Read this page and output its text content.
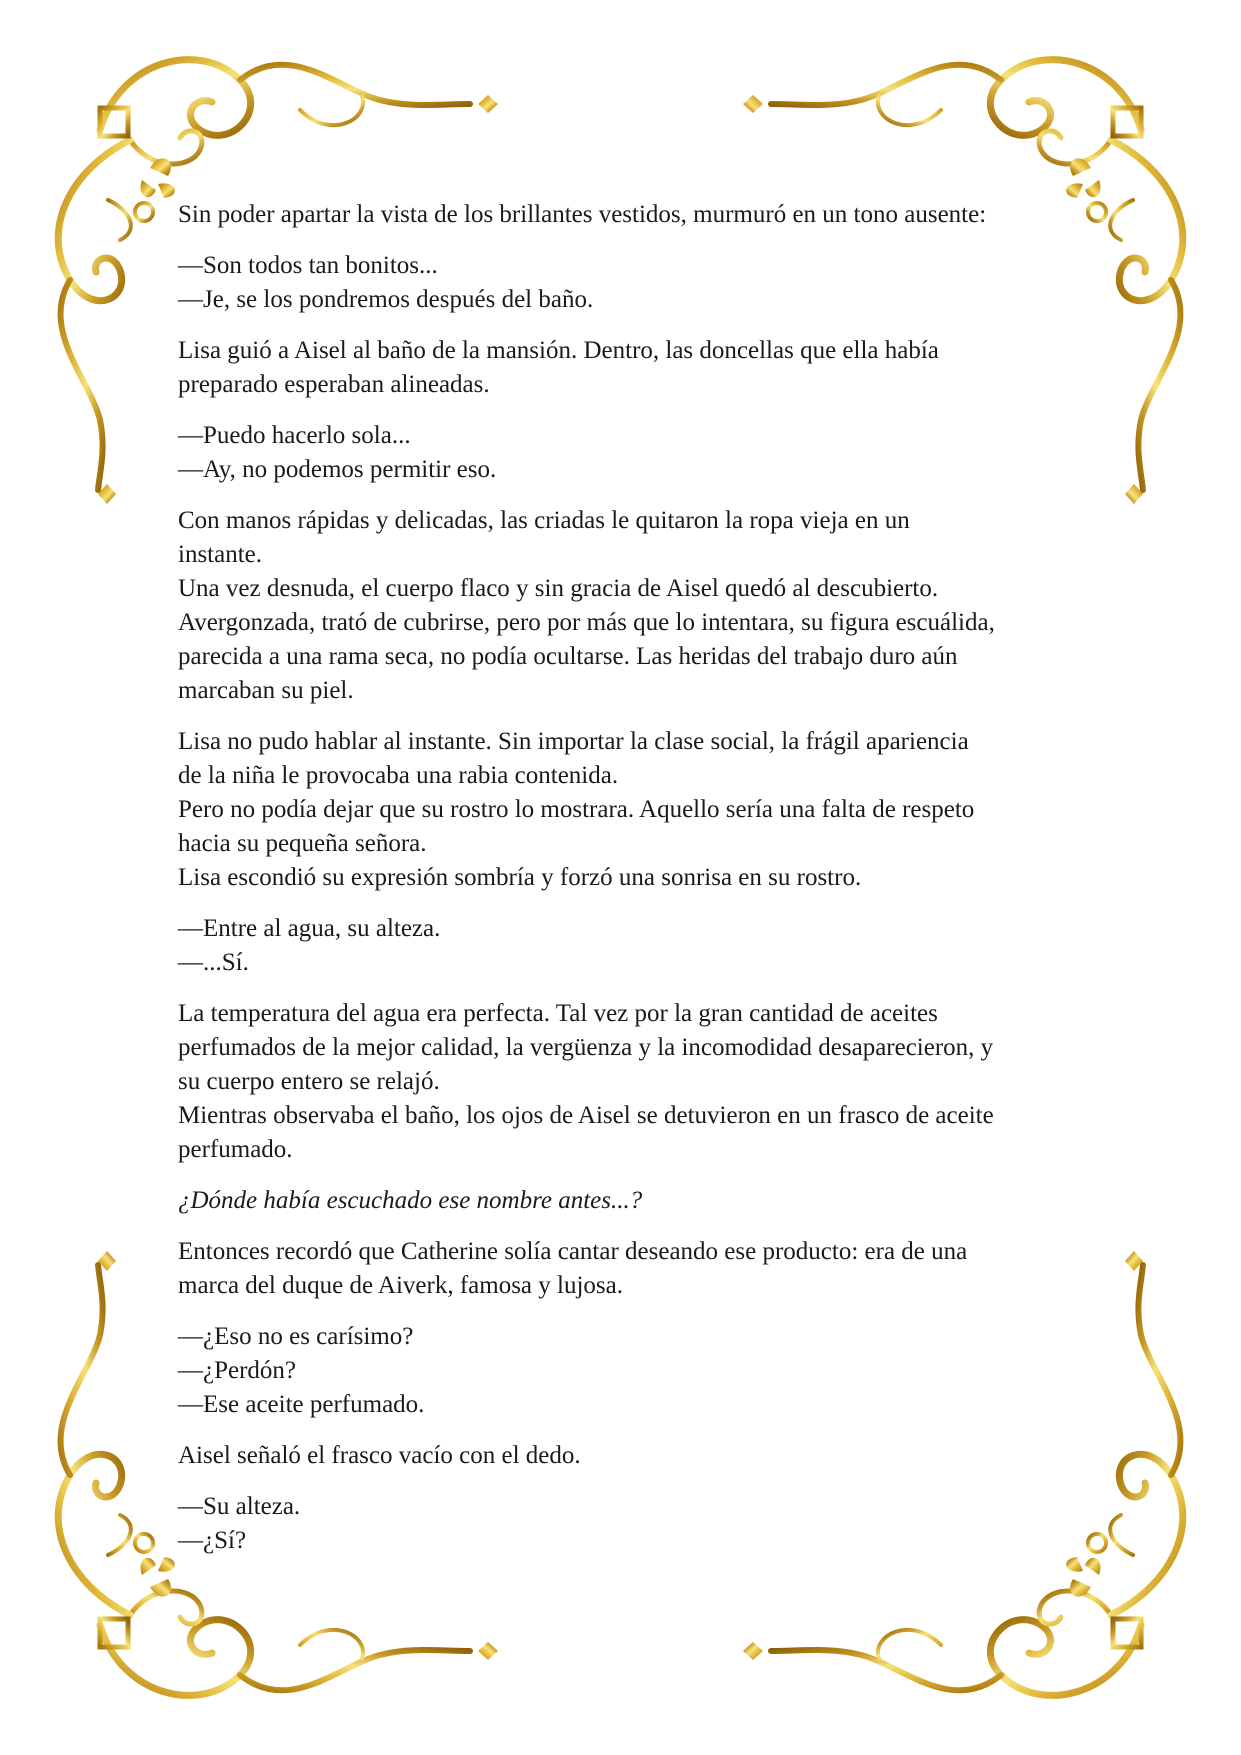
Sin poder apartar la vista de los brillantes vestidos, murmuró en un tono ausente:

—Son todos tan bonitos...
—Je, se los pondremos después del baño.

Lisa guió a Aisel al baño de la mansión. Dentro, las doncellas que ella había
preparado esperaban alineadas.

—Puedo hacerlo sola...
—Ay, no podemos permitir eso.

Con manos rápidas y delicadas, las criadas le quitaron la ropa vieja en un
instante.
Una vez desnuda, el cuerpo flaco y sin gracia de Aisel quedó al descubierto.
Avergonzada, trató de cubrirse, pero por más que lo intentara, su figura escuálida,
parecida a una rama seca, no podía ocultarse. Las heridas del trabajo duro aún
marcaban su piel.

Lisa no pudo hablar al instante. Sin importar la clase social, la frágil apariencia
de la niña le provocaba una rabia contenida.
Pero no podía dejar que su rostro lo mostrara. Aquello sería una falta de respeto
hacia su pequeña señora.
Lisa escondió su expresión sombría y forzó una sonrisa en su rostro.

—Entre al agua, su alteza.
—...Sí.

La temperatura del agua era perfecta. Tal vez por la gran cantidad de aceites
perfumados de la mejor calidad, la vergüenza y la incomodidad desaparecieron, y
su cuerpo entero se relajó.
Mientras observaba el baño, los ojos de Aisel se detuvieron en un frasco de aceite
perfumado.

¿Dónde había escuchado ese nombre antes...?

Entonces recordó que Catherine solía cantar deseando ese producto: era de una
marca del duque de Aiverk, famosa y lujosa.

—¿Eso no es carísimo?
—¿Perdón?
—Ese aceite perfumado.

Aisel señaló el frasco vacío con el dedo.

—Su alteza.
—¿Sí?
